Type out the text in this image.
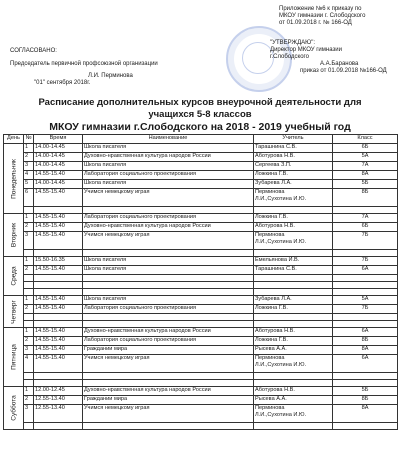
Приложение №6 к приказу по
МКОУ гимназии г. Слободского
от 01.09.2018 г. № 166-ОД
"УТВЕРЖДАЮ":
Директор МКОУ гимназии
г.Слободского
А.А.Баранова
приказ от 01.09.2018 №166-ОД
СОГЛАСОВАНО:
Председатель первичной профсоюзной организации
Л.И. Перминова
"01" сентября 2018г.
Расписание дополнительных курсов внеурочной деятельности для
учащихся 5-8 классов
МКОУ гимназии г.Слободского на 2018 - 2019 учебный год
День	№	Время	Наименование	Учитель	Класс

Понедельник	1	14.00-14.45	Школа писателя	Тарашнина С.В.	6Б
	2	14.00-14.45	Духовно-нравственная культура народов России	Аботурова Н.В.	5А
	3	14.00-14.45	Школа писателя	Сергеева З.П.	7А
	4	14.55-15.40	Лаборатория социального проектирования	Ложкина Г.В.	8А
	5	14.00-14.45	Школа писателя	Зубарева Л.А.	5Б
	6	14.55-15.40	Учимся немецкому играя	Перминова
Л.И.,Сухотина И.Ю.	8Б

Вторник	1	14.55-15.40	Лаборатория социального проектирования	Ложкина Г.В.	7А
	2	14.55-15.40	Духовно-нравственная культура народов России	Аботурова Н.В.	6Б
	3	14.55-15.40	Учимся немецкому играя	Перминова
Л.И.,Сухотина И.Ю.	7Б

Среда	1	15.50-16.35	Школа писателя	Емельянова И.В.	7Б
	2	14.55-15.40	Школа писателя	Тарашнина С.В.	6А

Четверг	1	14.55-15.40	Школа писателя	Зубарева Л.А.	5А
	2	14.55-15.40	Лаборатория социального проектирования	Ложкина Г.В.	7Б

Пятница	1	14.55-15.40	Духовно-нравственная культура народов России	Аботурова Н.В.	6А
	2	14.55-15.40	Лаборатория социального проектирования	Ложкина Г.В.	8Б
	3	14.55-15.40	Граждании мира	Рысева А.А.	8А
	4	14.55-15.40	Учимся немецкому играя	Перминова
Л.И.,Сухотина И.Ю.	6А

Суббота	1	12.00-12.45	Духовно-нравственная культура народов России	Аботурова Н.В.	5Б
	2	12.55-13.40	Граждании мира	Рысева А.А.	8Б
	3	12.55-13.40	Учимся немецкому играя	Перминова
Л.И.,Сухотина И.Ю.	8А
